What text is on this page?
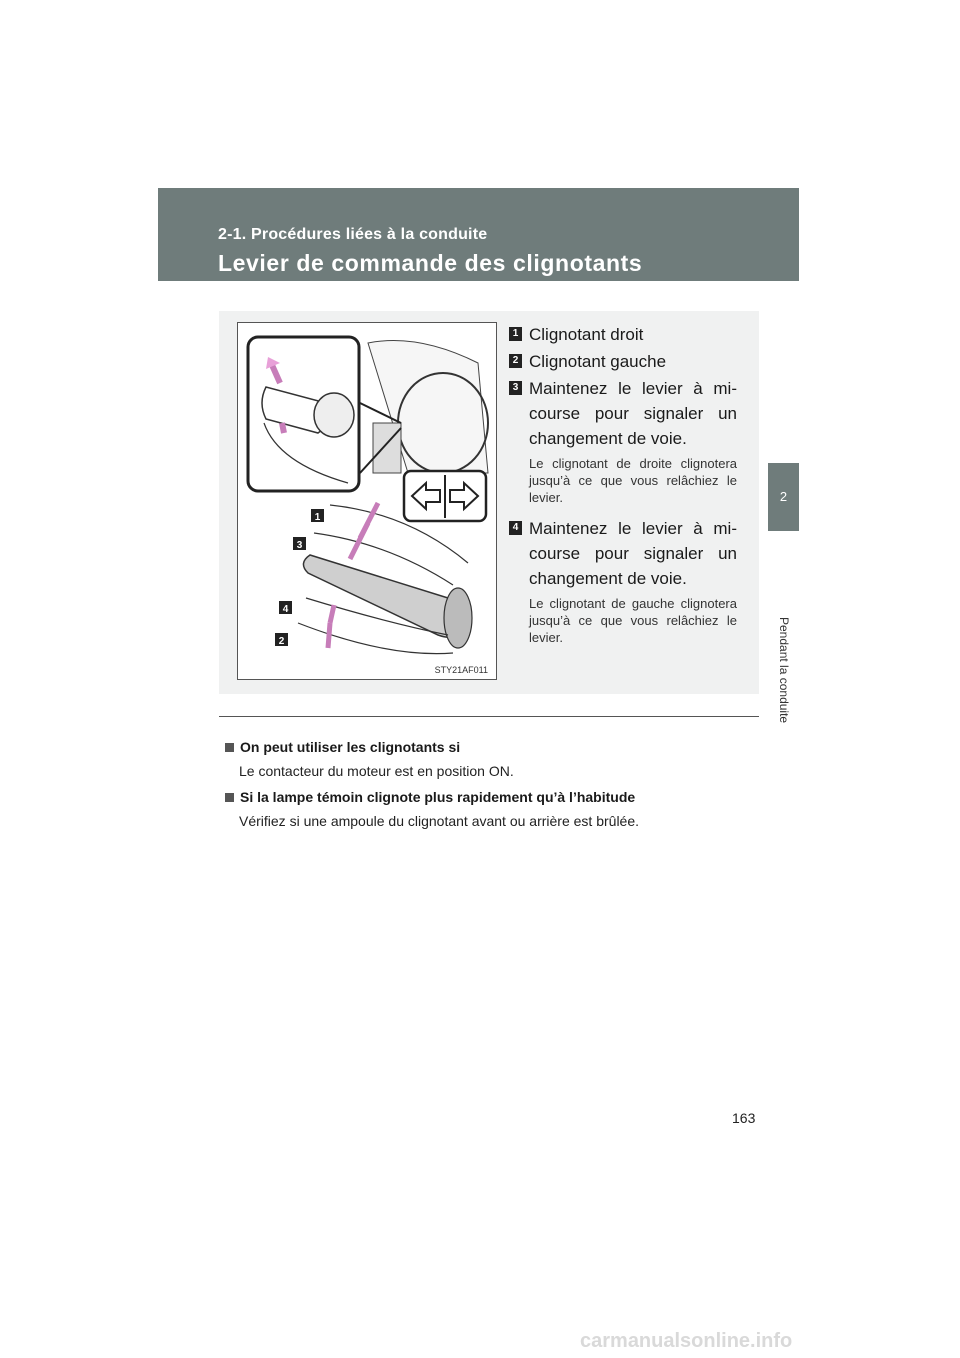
2-1. Procédures liées à la conduite
Levier de commande des clignotants
2
Pendant la conduite
1
3
4
2
STY21AF011
1 Clignotant droit
2 Clignotant gauche
3 Maintenez le levier à mi-course pour signaler un changement de voie.
Le clignotant de droite clignotera jusqu’à ce que vous relâchiez le levier.
4 Maintenez le levier à mi-course pour signaler un changement de voie.
Le clignotant de gauche clignotera jusqu’à ce que vous relâchiez le levier.
On peut utiliser les clignotants si
Le contacteur du moteur est en position ON.
Si la lampe témoin clignote plus rapidement qu’à l’habitude
Vérifiez si une ampoule du clignotant avant ou arrière est brûlée.
163
carmanualsonline.info
